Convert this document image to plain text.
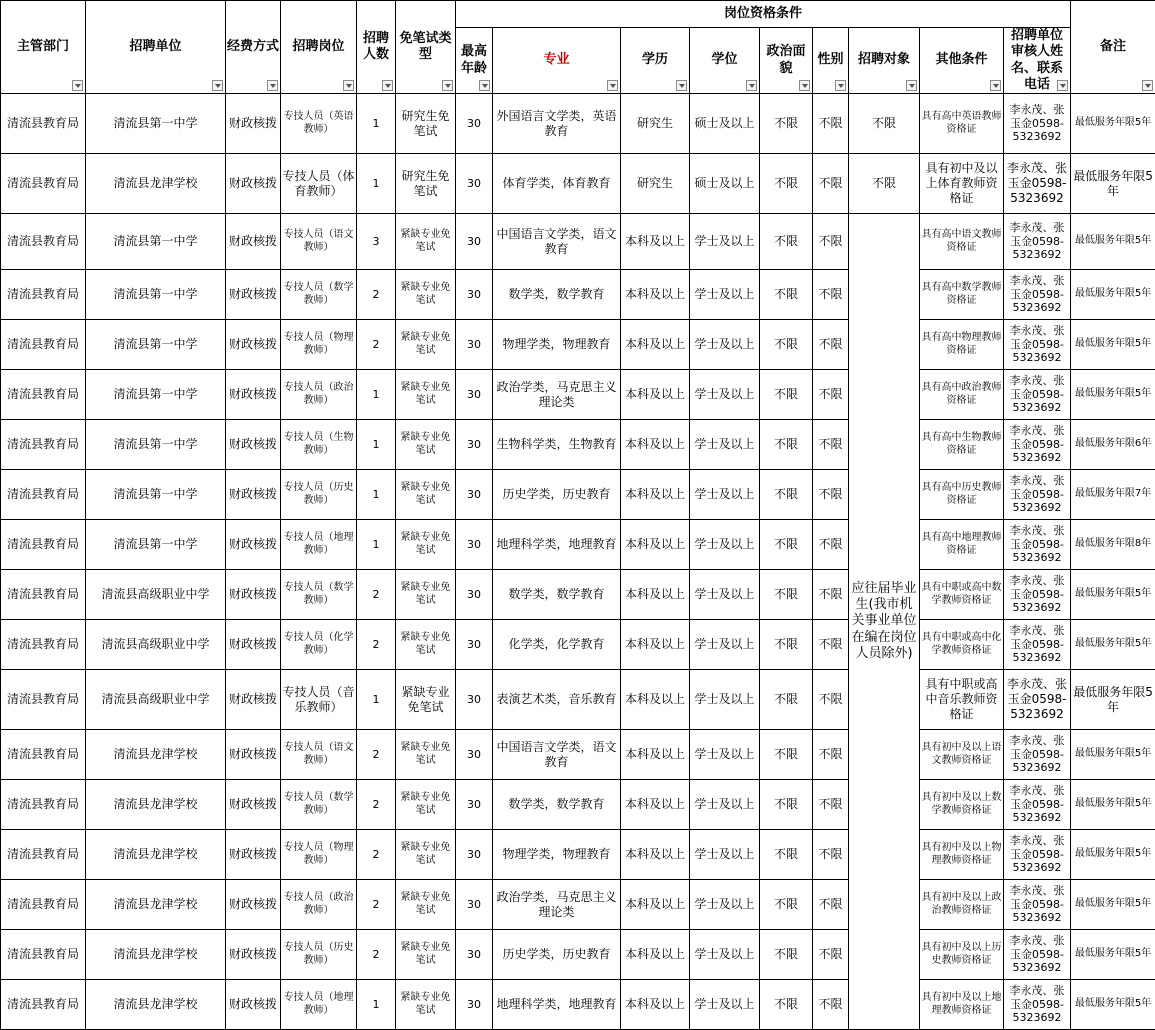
主管部门	招聘单位	经费方式	招聘岗位	招聘人数	免笔试类型	岗位资格条件									备注

						最高年龄	专业	学历	学位	政治面貌	性别	招聘对象	其他条件	招聘单位审核人姓名、联系电话	

清流县教育局	清流县第一中学	财政核拨	专技人员（英语教师）	1	研究生免笔试	30	外国语言文学类，英语教育	研究生	硕士及以上	不限	不限	不限	具有高中英语教师资格证	李永茂、张玉金0598-5323692	最低服务年限5年
清流县教育局	清流县龙津学校	财政核拨	专技人员（体育教师）	1	研究生免笔试	30	体育学类，体育教育	研究生	硕士及以上	不限	不限	不限	具有初中及以上体育教师资格证	李永茂、张玉金0598-5323692	最低服务年限5年
清流县教育局	清流县第一中学	财政核拨	专技人员（语文教师）	3	紧缺专业免笔试	30	中国语言文学类，语文教育	本科及以上	学士及以上	不限	不限	应往届毕业生(我市机关事业单位在编在岗位人员除外)	具有高中语文教师资格证	李永茂、张玉金0598-5323692	最低服务年限5年
清流县教育局	清流县第一中学	财政核拨	专技人员（数学教师）	2	紧缺专业免笔试	30	数学类，数学教育	本科及以上	学士及以上	不限	不限		具有高中数学教师资格证	李永茂、张玉金0598-5323692	最低服务年限5年
清流县教育局	清流县第一中学	财政核拨	专技人员（物理教师）	2	紧缺专业免笔试	30	物理学类，物理教育	本科及以上	学士及以上	不限	不限		具有高中物理教师资格证	李永茂、张玉金0598-5323692	最低服务年限5年
清流县教育局	清流县第一中学	财政核拨	专技人员（政治教师）	1	紧缺专业免笔试	30	政治学类，马克思主义理论类	本科及以上	学士及以上	不限	不限		具有高中政治教师资格证	李永茂、张玉金0598-5323692	最低服务年限5年
清流县教育局	清流县第一中学	财政核拨	专技人员（生物教师）	1	紧缺专业免笔试	30	生物科学类，生物教育	本科及以上	学士及以上	不限	不限		具有高中生物教师资格证	李永茂、张玉金0598-5323692	最低服务年限6年
清流县教育局	清流县第一中学	财政核拨	专技人员（历史教师）	1	紧缺专业免笔试	30	历史学类，历史教育	本科及以上	学士及以上	不限	不限		具有高中历史教师资格证	李永茂、张玉金0598-5323692	最低服务年限7年
清流县教育局	清流县第一中学	财政核拨	专技人员（地理教师）	1	紧缺专业免笔试	30	地理科学类，地理教育	本科及以上	学士及以上	不限	不限		具有高中地理教师资格证	李永茂、张玉金0598-5323692	最低服务年限8年
清流县教育局	清流县高级职业中学	财政核拨	专技人员（数学教师）	2	紧缺专业免笔试	30	数学类，数学教育	本科及以上	学士及以上	不限	不限		具有中职或高中数学教师资格证	李永茂、张玉金0598-5323692	最低服务年限5年
清流县教育局	清流县高级职业中学	财政核拨	专技人员（化学教师）	2	紧缺专业免笔试	30	化学类，化学教育	本科及以上	学士及以上	不限	不限		具有中职或高中化学教师资格证	李永茂、张玉金0598-5323692	最低服务年限5年
清流县教育局	清流县高级职业中学	财政核拨	专技人员（音乐教师）	1	紧缺专业免笔试	30	表演艺术类，音乐教育	本科及以上	学士及以上	不限	不限		具有中职或高中音乐教师资格证	李永茂、张玉金0598-5323692	最低服务年限5年
清流县教育局	清流县龙津学校	财政核拨	专技人员（语文教师）	2	紧缺专业免笔试	30	中国语言文学类，语文教育	本科及以上	学士及以上	不限	不限		具有初中及以上语文教师资格证	李永茂、张玉金0598-5323692	最低服务年限5年
清流县教育局	清流县龙津学校	财政核拨	专技人员（数学教师）	2	紧缺专业免笔试	30	数学类，数学教育	本科及以上	学士及以上	不限	不限		具有初中及以上数学教师资格证	李永茂、张玉金0598-5323692	最低服务年限5年
清流县教育局	清流县龙津学校	财政核拨	专技人员（物理教师）	2	紧缺专业免笔试	30	物理学类，物理教育	本科及以上	学士及以上	不限	不限		具有初中及以上物理教师资格证	李永茂、张玉金0598-5323692	最低服务年限5年
清流县教育局	清流县龙津学校	财政核拨	专技人员（政治教师）	2	紧缺专业免笔试	30	政治学类，马克思主义理论类	本科及以上	学士及以上	不限	不限		具有初中及以上政治教师资格证	李永茂、张玉金0598-5323692	最低服务年限5年
清流县教育局	清流县龙津学校	财政核拨	专技人员（历史教师）	2	紧缺专业免笔试	30	历史学类，历史教育	本科及以上	学士及以上	不限	不限		具有初中及以上历史教师资格证	李永茂、张玉金0598-5323692	最低服务年限5年
清流县教育局	清流县龙津学校	财政核拨	专技人员（地理教师）	1	紧缺专业免笔试	30	地理科学类，地理教育	本科及以上	学士及以上	不限	不限		具有初中及以上地理教师资格证	李永茂、张玉金0598-5323692	最低服务年限5年
